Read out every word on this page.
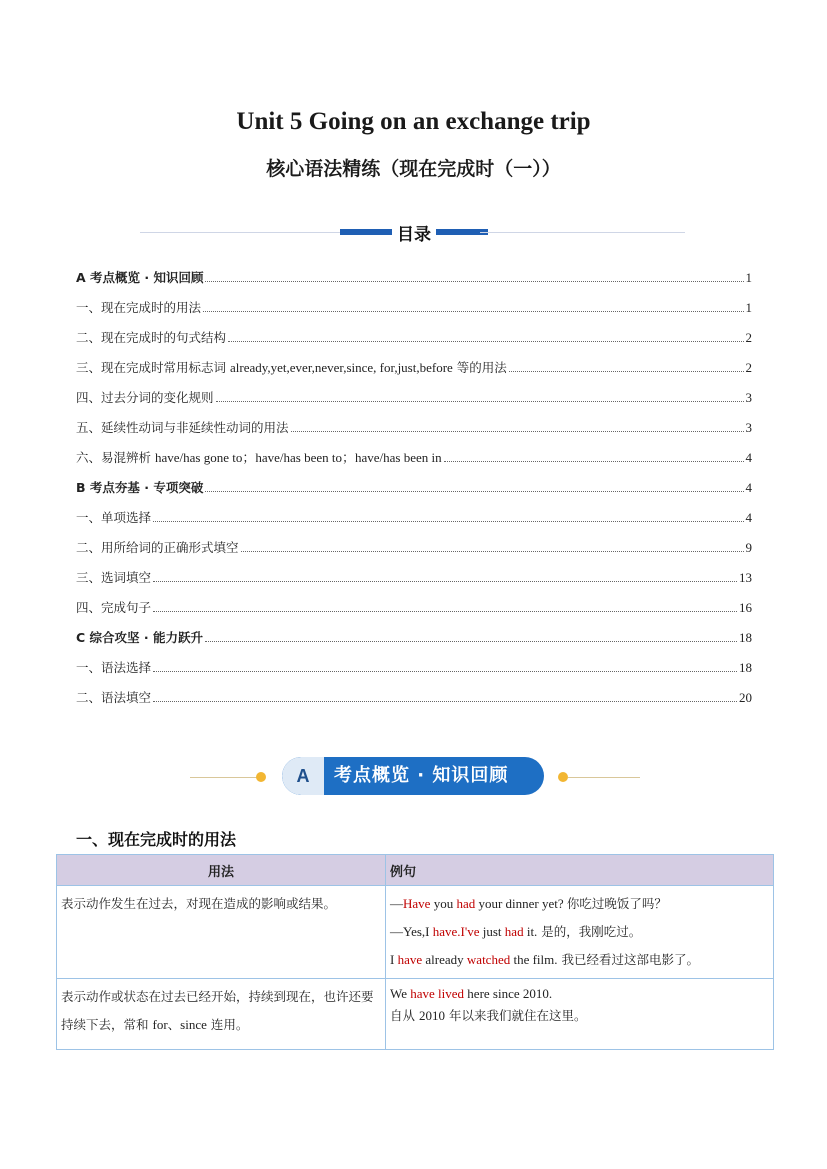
Unit 5 Going on an exchange trip
核心语法精练（现在完成时（一））
目录
A 考点概览 · 知识回顾	1
一、现在完成时的用法	1
二、现在完成时的句式结构	2
三、现在完成时常用标志词 already,yet,ever,never,since, for,just,before 等的用法	2
四、过去分词的变化规则	3
五、延续性动词与非延续性动词的用法	3
六、易混辨析 have/has gone to；have/has been to；have/has been in	4
B 考点夯基 · 专项突破	4
一、单项选择	4
二、用所给词的正确形式填空	9
三、选词填空	13
四、完成句子	16
C 综合攻坚 · 能力跃升	18
一、语法选择	18
二、语法填空	20
A	考点概览 · 知识回顾
一、现在完成时的用法
用法	例句

表示动作发生在过去，对现在造成的影响或结果。	—Have you had your dinner yet? 你吃过晚饭了吗？
—Yes,I have.I've just had it. 是的，我刚吃过。
I have already watched the film. 我已经看过这部电影了。

表示动作或状态在过去已经开始，持续到现在，也许还要持续下去，常和 for、since 连用。	We have lived here since 2010.
自从 2010 年以来我们就住在这里。
